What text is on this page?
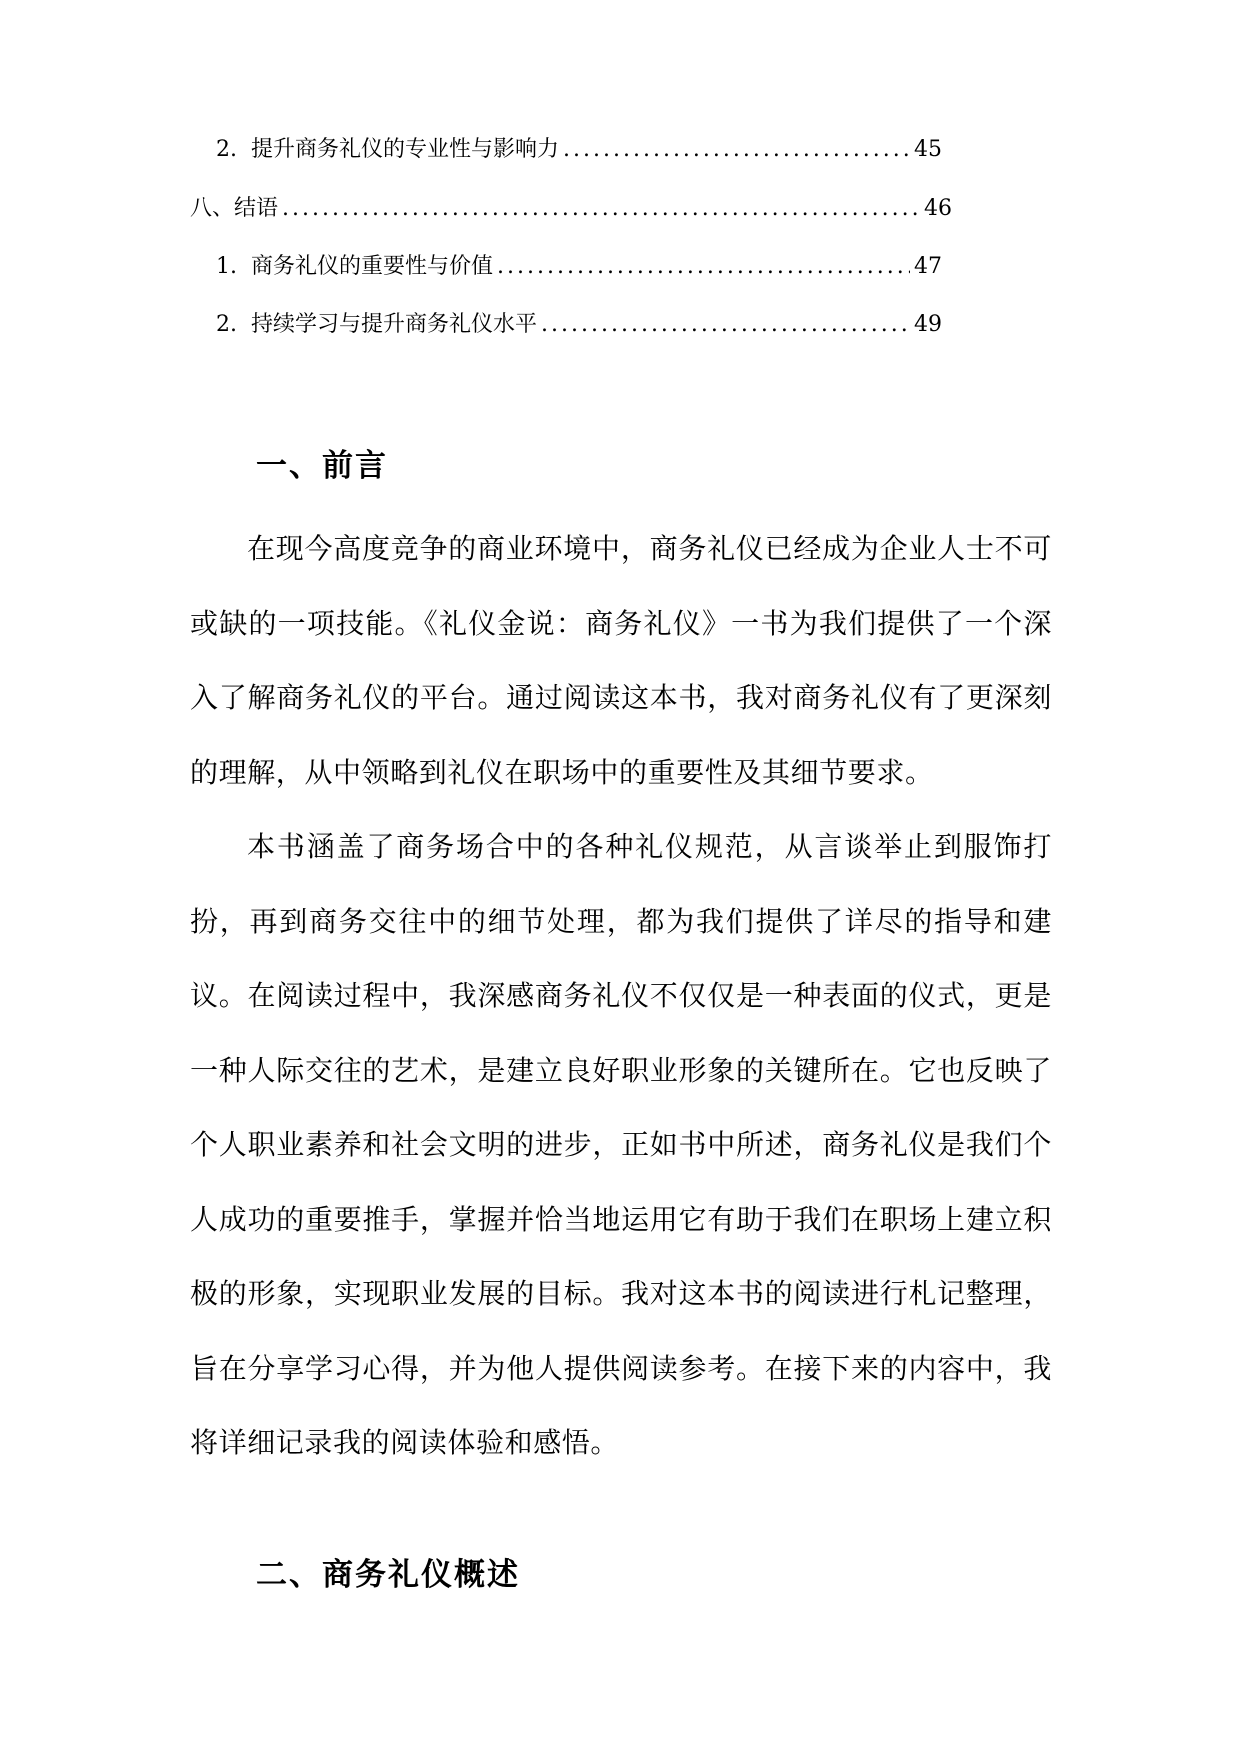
2. 提升商务礼仪的专业性与影响力 .....	45
八、结语 .....	46
1. 商务礼仪的重要性与价值 .....	47
2. 持续学习与提升商务礼仪水平 .....	49
一、前言

在现今高度竞争的商业环境中，商务礼仪已经成为企业人士不可或缺的一项技能。《礼仪金说：商务礼仪》一书为我们提供了一个深入了解商务礼仪的平台。通过阅读这本书，我对商务礼仪有了更深刻的理解，从中领略到礼仪在职场中的重要性及其细节要求。

本书涵盖了商务场合中的各种礼仪规范，从言谈举止到服饰打扮，再到商务交往中的细节处理，都为我们提供了详尽的指导和建议。在阅读过程中，我深感商务礼仪不仅仅是一种表面的仪式，更是一种人际交往的艺术，是建立良好职业形象的关键所在。它也反映了个人职业素养和社会文明的进步，正如书中所述，商务礼仪是我们个人成功的重要推手，掌握并恰当地运用它有助于我们在职场上建立积极的形象，实现职业发展的目标。我对这本书的阅读进行札记整理，旨在分享学习心得，并为他人提供阅读参考。在接下来的内容中，我将详细记录我的阅读体验和感悟。

二、商务礼仪概述
